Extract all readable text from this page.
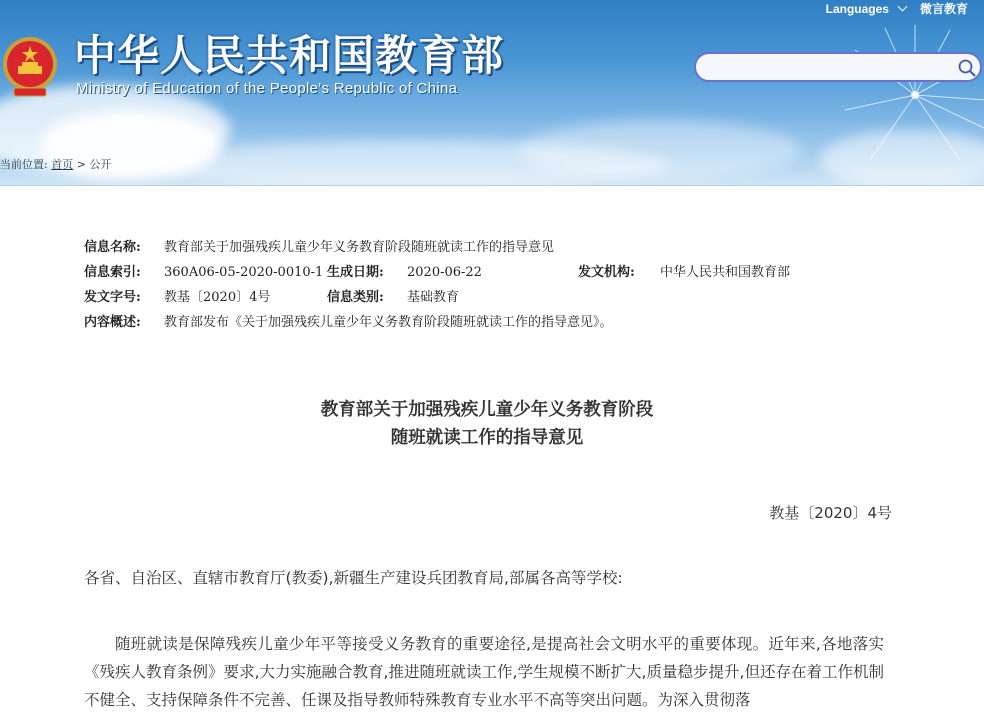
中华人民共和国教育部

Ministry of Education of the People's Republic of China

Languages	微言教育
当前位置: 首页 > 公开
信息名称: 教育部关于加强残疾儿童少年义务教育阶段随班就读工作的指导意见
信息索引: 360A06-05-2020-0010-1 生成日期: 2020-06-22	发文机构: 中华人民共和国教育部
发文字号: 教基〔2020〕4号	信息类别: 基础教育
内容概述: 教育部发布《关于加强残疾儿童少年义务教育阶段随班就读工作的指导意见》。
教育部关于加强残疾儿童少年义务教育阶段
随班就读工作的指导意见
教基〔2020〕4号

各省、自治区、直辖市教育厅(教委),新疆生产建设兵团教育局,部属各高等学校:

随班就读是保障残疾儿童少年平等接受义务教育的重要途径,是提高社会文明水平的重要体现。近年来,各地落实《残疾人教育条例》要求,大力实施融合教育,推进随班就读工作,学生规模不断扩大,质量稳步提升,但还存在着工作机制不健全、支持保障条件不完善、任课及指导教师特殊教育专业水平不高等突出问题。为深入贯彻落
